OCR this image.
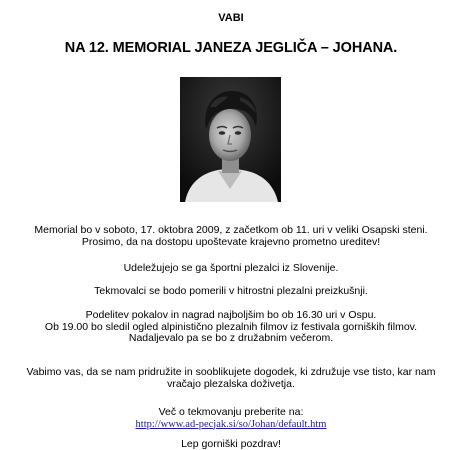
VABI
NA 12. MEMORIAL JANEZA JEGLIČA – JOHANA.
Memorial bo v soboto, 17. oktobra 2009, z začetkom ob 11. uri v veliki Osapski steni.
Prosimo, da na dostopu upoštevate krajevno prometno ureditev!
Udeležujejo se ga športni plezalci iz Slovenije.
Tekmovalci se bodo pomerili v hitrostni plezalni preizkušnji.
Podelitev pokalov in nagrad najboljšim bo ob 16.30 uri v Ospu.
Ob 19.00 bo sledil ogled alpinistično plezalnih filmov iz festivala gorniških filmov.
Nadaljevalo pa se bo z družabnim večerom.
Vabimo vas, da se nam pridružite in sooblikujete dogodek, ki združuje vse tisto, kar nam
vračajo plezalska doživetja.
Več o tekmovanju preberite na:
http://www.ad-pecjak.si/so/Johan/default.htm
Lep gorniški pozdrav!
